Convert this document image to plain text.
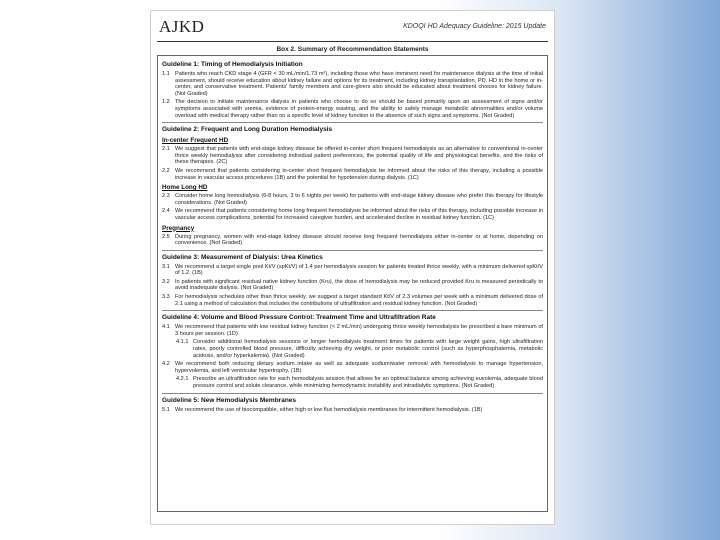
AJKD	KDOQI HD Adequacy Guideline: 2015 Update
Box 2. Summary of Recommendation Statements
Guideline 1: Timing of Hemodialysis Initiation
1.1 Patients who reach CKD stage 4 (GFR < 30 mL/min/1.73 m²), including those who have imminent need for maintenance dialysis at the time of initial assessment, should receive education about kidney failure and options for its treatment, including kidney transplantation, PD, HD in the home or in-center, and conservative treatment. Patients' family members and care-givers also should be educated about treatment choices for kidney failure. (Not Graded)
1.2 The decision to initiate maintenance dialysis in patients who choose to do so should be based primarily upon an assessment of signs and/or symptoms associated with uremia, evidence of protein-energy wasting, and the ability to safely manage metabolic abnormalities and/or volume overload with medical therapy rather than on a specific level of kidney function in the absence of such signs and symptoms. (Not Graded)
Guideline 2: Frequent and Long Duration Hemodialysis
In-center Frequent HD
2.1 We suggest that patients with end-stage kidney disease be offered in-center short frequent hemodialysis as an alternative to conventional in-center thrice weekly hemodialysis after considering individual patient preferences, the potential quality of life and physiological benefits, and the risks of these therapies. (2C)
2.2 We recommend that patients considering in-center short frequent hemodialysis be informed about the risks of this therapy, including a possible increase in vascular access procedures (1B) and the potential for hypotension during dialysis. (1C)
Home Long HD
2.3 Consider home long hemodialysis (6-8 hours, 3 to 6 nights per week) for patients with end-stage kidney disease who prefer this therapy for lifestyle considerations. (Not Graded)
2.4 We recommend that patients considering home long frequent hemodialysis be informed about the risks of this therapy, including possible increase in vascular access complications, potential for increased caregiver burden, and accelerated decline in residual kidney function. (1C)
Pregnancy
2.5 During pregnancy, women with end-stage kidney disease should receive long frequent hemodialysis either in-center or at home, depending on convenience. (Not Graded)
Guideline 3: Measurement of Dialysis: Urea Kinetics
3.1 We recommend a target single pool Kt/V (spKt/V) of 1.4 per hemodialysis session for patients treated thrice weekly, with a minimum delivered spKt/V of 1.2. (1B)
3.2 In patients with significant residual native kidney function (Kru), the dose of hemodialysis may be reduced provided Kru is measured periodically to avoid inadequate dialysis. (Not Graded)
3.3 For hemodialysis schedules other than thrice weekly, we suggest a target standard Kt/V of 2.3 volumes per week with a minimum delivered dose of 2.1 using a method of calculation that includes the contributions of ultrafiltration and residual kidney function. (Not Graded)
Guideline 4: Volume and Blood Pressure Control: Treatment Time and Ultrafiltration Rate
4.1 We recommend that patients with low residual kidney function (< 2 mL/min) undergoing thrice weekly hemodialysis be prescribed a bare minimum of 3 hours per session. (1D)
4.1.1 Consider additional hemodialysis sessions or longer hemodialysis treatment times for patients with large weight gains, high ultrafiltration rates, poorly controlled blood pressure, difficulty achieving dry weight, or poor metabolic control (such as hyperphosphatemia, metabolic acidosis, and/or hyperkalemia). (Not Graded)
4.2 We recommend both reducing dietary sodium intake as well as adequate sodium/water removal with hemodialysis to manage hypertension, hypervolemia, and left ventricular hypertrophy. (1B)
4.2.1 Prescribe an ultrafiltration rate for each hemodialysis session that allows for an optimal balance among achieving euvolemia, adequate blood pressure control and solute clearance, while minimizing hemodynamic instability and intradialytic symptoms. (Not Graded)
Guideline 5: New Hemodialysis Membranes
5.1 We recommend the use of biocompatible, either high or low flux hemodialysis membranes for intermittent hemodialysis. (1B)
